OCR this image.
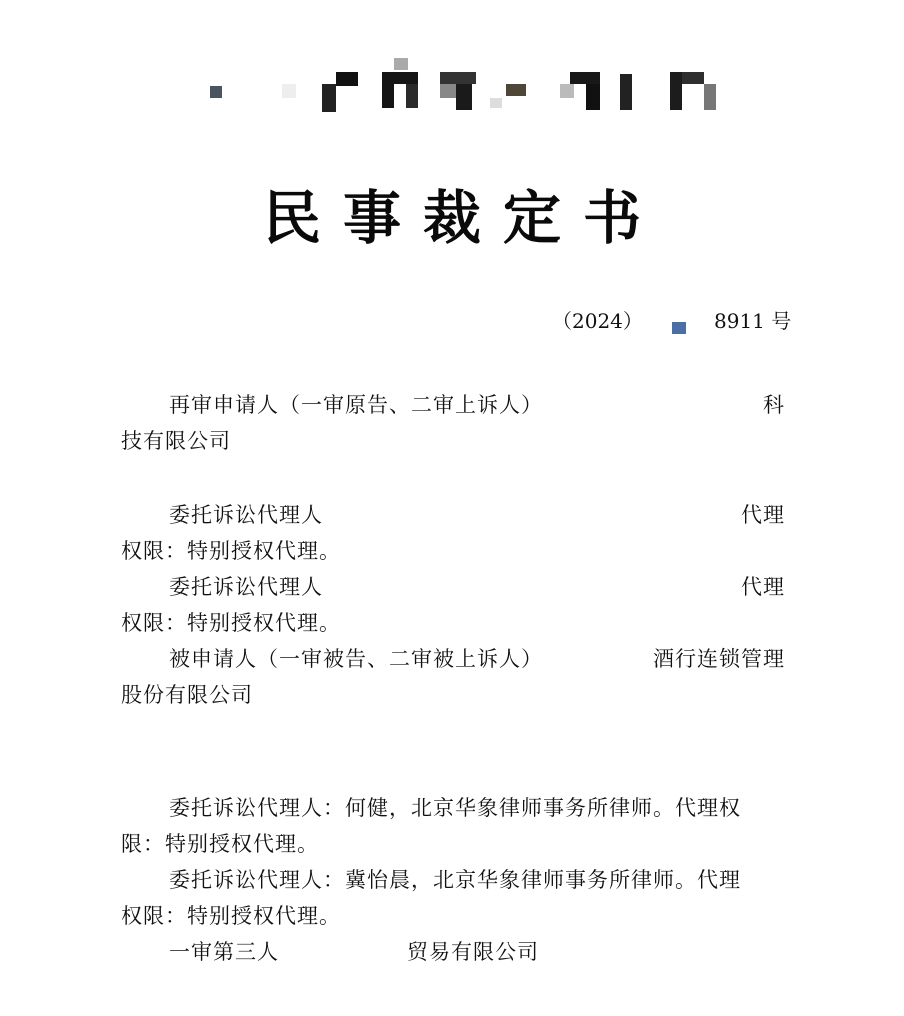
民事裁定书
（2024）	8911 号
再审申请人（一审原告、二审上诉人）	科
技有限公司
委托诉讼代理人	代理
权限：特别授权代理。
委托诉讼代理人	代理
权限：特别授权代理。
被申请人（一审被告、二审被上诉人）	酒行连锁管理
股份有限公司
委托诉讼代理人：何健，北京华象律师事务所律师。代理权
限：特别授权代理。
委托诉讼代理人：冀怡晨，北京华象律师事务所律师。代理
权限：特别授权代理。
一审第三人	贸易有限公司
